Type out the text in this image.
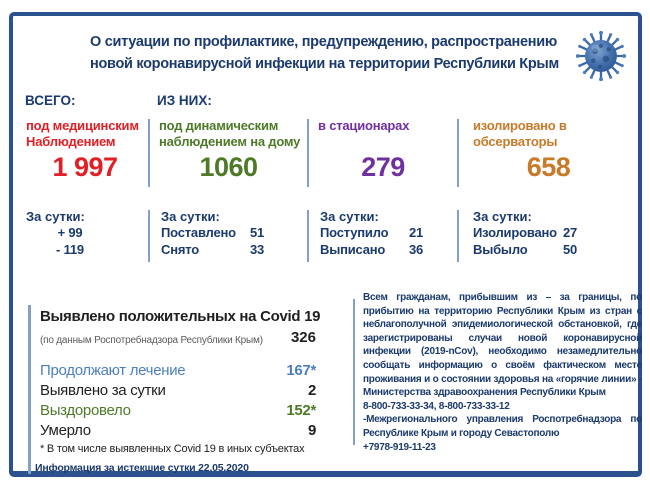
О ситуации по профилактике, предупреждению, распространению
новой коронавирусной инфекции на территории Республики Крым
ВСЕГО:	ИЗ НИХ:
под медицинским Наблюдением
1 997
под динамическим наблюдением на дому
1060
в стационарах
279
изолировано в обсерваторы
658
За сутки:
+ 99
- 119
За сутки:
Поставлено 51
Снято	33
За сутки:
Поступило 21
Выписано 36
За сутки:
Изолировано 27
Выбыло	50
Выявлено положительных на Covid 19
(по данным Роспотребнадзора Республики Крым) 326
Продолжают лечение	167*
Выявлено за сутки	2
Выздоровело	152*
Умерло	9
* В том числе выявленных Covid 19 в иных субъектах
Информация за истекшие сутки 22.05.2020

Всем гражданам, прибывшим из – за границы, по прибытию на территорию Республики Крым из стран с неблагополучной эпидемиологической обстановкой, где зарегистрированы случаи новой коронавирусной инфекции (2019-nCov), необходимо незамедлительно сообщать информацию о своём фактическом месте проживания и о состоянии здоровья на «горячие линии» - Министерства здравоохранения Республики Крым

8-800-733-33-34, 8-800-733-33-12

-Межрегионального управления Роспотребнадзора по Республике Крым и городу Севастополю

+7978-919-11-23
